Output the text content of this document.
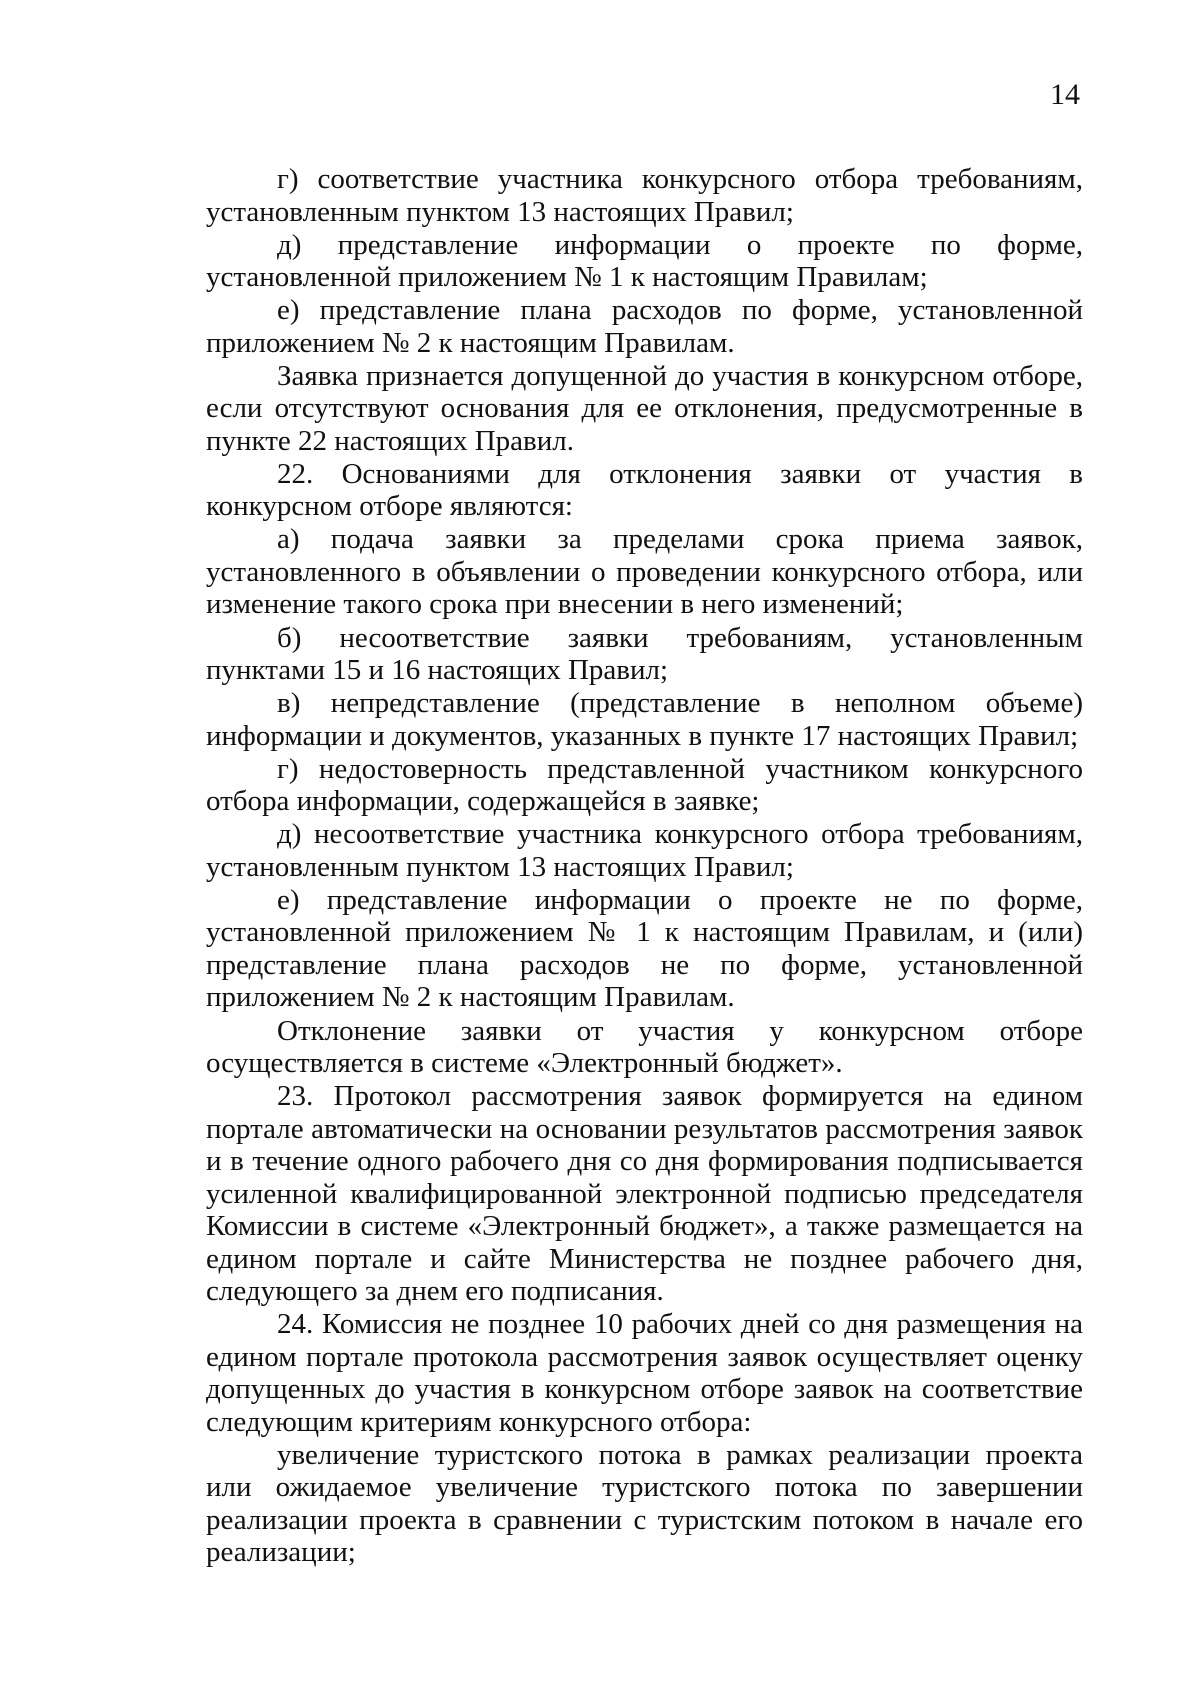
14

г) соответствие участника конкурсного отбора требованиям, установленным пунктом 13 настоящих Правил;

д) представление информации о проекте по форме, установленной приложением № 1 к настоящим Правилам;

е) представление плана расходов по форме, установленной приложением № 2 к настоящим Правилам.

Заявка признается допущенной до участия в конкурсном отборе, если отсутствуют основания для ее отклонения, предусмотренные в пункте 22 настоящих Правил.

22. Основаниями для отклонения заявки от участия в конкурсном отборе являются:

а) подача заявки за пределами срока приема заявок, установленного в объявлении о проведении конкурсного отбора, или изменение такого срока при внесении в него изменений;

б) несоответствие заявки требованиям, установленным пунктами 15 и 16 настоящих Правил;

в) непредставление (представление в неполном объеме) информации и документов, указанных в пункте 17 настоящих Правил;

г) недостоверность представленной участником конкурсного отбора информации, содержащейся в заявке;

д) несоответствие участника конкурсного отбора требованиям, установленным пунктом 13 настоящих Правил;

е) представление информации о проекте не по форме, установленной приложением № 1 к настоящим Правилам, и (или) представление плана расходов не по форме, установленной приложением № 2 к настоящим Правилам.

Отклонение заявки от участия у конкурсном отборе осуществляется в системе «Электронный бюджет».

23. Протокол рассмотрения заявок формируется на едином портале автоматически на основании результатов рассмотрения заявок и в течение одного рабочего дня со дня формирования подписывается усиленной квалифицированной электронной подписью председателя Комиссии в системе «Электронный бюджет», а также размещается на едином портале и сайте Министерства не позднее рабочего дня, следующего за днем его подписания.

24. Комиссия не позднее 10 рабочих дней со дня размещения на едином портале протокола рассмотрения заявок осуществляет оценку допущенных до участия в конкурсном отборе заявок на соответствие следующим критериям конкурсного отбора:

увеличение туристского потока в рамках реализации проекта или ожидаемое увеличение туристского потока по завершении реализации проекта в сравнении с туристским потоком в начале его реализации;
